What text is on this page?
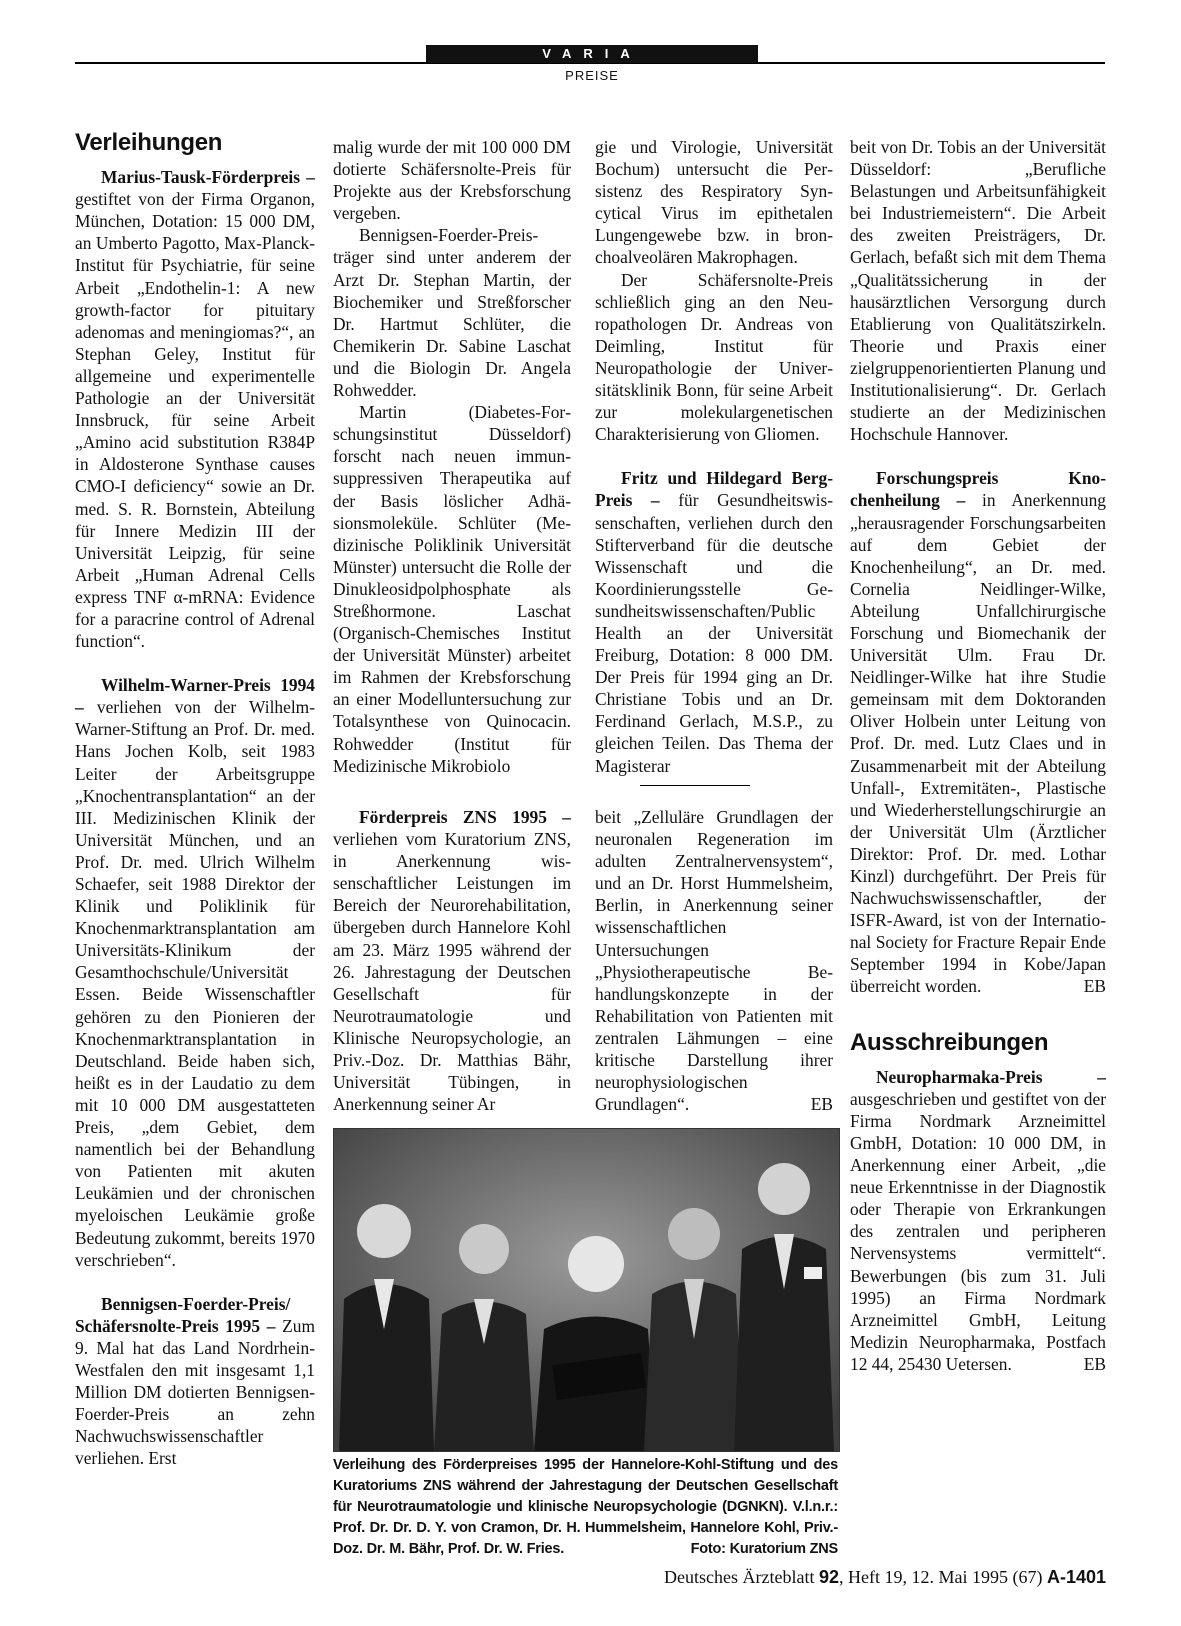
VARIA
PREISE
Verleihungen

Marius-Tausk-Förderpreis – gestiftet von der Firma Organon, München, Dotation: 15 000 DM, an Umberto Pagotto, Max-Planck-Institut für Psychiatrie, für seine Arbeit „Endothelin-1: A new growth-factor for pituitary adenomas and meningiomas?“, an Stephan Geley, Institut für allgemeine und experimentelle Pathologie an der Universität Innsbruck, für seine Arbeit „Amino acid substitution R384P in Aldosterone Synthase causes CMO-I deficiency“ sowie an Dr. med. S. R. Bornstein, Abteilung für Innere Medizin III der Universität Leipzig, für seine Arbeit „Human Adrenal Cells express TNF α-mRNA: Evidence for a paracrine control of Adrenal function“.

Wilhelm-Warner-Preis 1994 – verliehen von der Wilhelm-Warner-Stiftung an Prof. Dr. med. Hans Jochen Kolb, seit 1983 Leiter der Arbeitsgruppe „Knochentransplantation“ an der III. Medizinischen Klinik der Universität München, und an Prof. Dr. med. Ulrich Wilhelm Schaefer, seit 1988 Direktor der Klinik und Poliklinik für Knochenmarktransplantation am Universitäts-Klinikum der Gesamthochschule/Universität Essen. Beide Wissenschaftler gehören zu den Pionieren der Knochenmarktransplantation in Deutschland. Beide haben sich, heißt es in der Laudatio zu dem mit 10 000 DM ausgestatteten Preis, „dem Gebiet, dem namentlich bei der Behandlung von Patienten mit akuten Leukämien und der chronischen myeloischen Leukämie große Bedeutung zukommt, bereits 1970 verschrieben“.

Bennigsen-Foerder-Preis/ Schäfersnolte-Preis 1995 – Zum 9. Mal hat das Land Nordrhein-Westfalen den mit insgesamt 1,1 Million DM dotierten Bennigsen-Foerder-Preis an zehn Nachwuchswissenschaftler verliehen. Erst

malig wurde der mit 100 000 DM dotierte Schäfersnolte-Preis für Projekte aus der Krebsforschung vergeben.

Bennigsen-Foerder-Preisträger sind unter anderem der Arzt Dr. Stephan Martin, der Biochemiker und Streßforscher Dr. Hartmut Schlüter, die Chemikerin Dr. Sabine Laschat und die Biologin Dr. Angela Rohwedder.

Martin (Diabetes-Forschungsinstitut Düsseldorf) forscht nach neuen immunsuppressiven Therapeutika auf der Basis löslicher Adhäsionsmoleküle. Schlüter (Medizinische Poliklinik Universität Münster) untersucht die Rolle der Dinukleosidpolphosphate als Streßhormone. Laschat (Organisch-Chemisches Institut der Universität Münster) arbeitet im Rahmen der Krebsforschung an einer Modelluntersuchung zur Totalsynthese von Quinocacin. Rohwedder (Institut für Medizinische Mikrobiolo

gie und Virologie, Universität Bochum) untersucht die Persistenz des Respiratory Syncytical Virus im epithetalen Lungengewebe bzw. in bronchoalveolären Makrophagen.

Der Schäfersnolte-Preis schließlich ging an den Neuropathologen Dr. Andreas von Deimling, Institut für Neuropathologie der Universitätsklinik Bonn, für seine Arbeit zur molekulargenetischen Charakterisierung von Gliomen.

Fritz und Hildegard Berg-Preis – für Gesundheitswissenschaften, verliehen durch den Stifterverband für die deutsche Wissenschaft und die Koordinierungsstelle Gesundheitswissenschaften/Public Health an der Universität Freiburg, Dotation: 8 000 DM. Der Preis für 1994 ging an Dr. Christiane Tobis und an Dr. Ferdinand Gerlach, M.S.P., zu gleichen Teilen. Das Thema der Magisterar

Förderpreis ZNS 1995 – verliehen vom Kuratorium ZNS, in Anerkennung wissenschaftlicher Leistungen im Bereich der Neurorehabilitation, übergeben durch Hannelore Kohl am 23. März 1995 während der 26. Jahrestagung der Deutschen Gesellschaft für Neurotraumatologie und Klinische Neuropsychologie, an Priv.-Doz. Dr. Matthias Bähr, Universität Tübingen, in Anerkennung seiner Ar

beit „Zelluläre Grundlagen der neuronalen Regeneration im adulten Zentralnervensystem“, und an Dr. Horst Hummelsheim, Berlin, in Anerkennung seiner wissenschaftlichen Untersuchungen „Physiotherapeutische Behandlungskonzepte in der Rehabilitation von Patienten mit zentralen Lähmungen – eine kritische Darstellung ihrer neurophysiologischen Grundlagen“.	EB

beit von Dr. Tobis an der Universität Düsseldorf: „Berufliche Belastungen und Arbeitsunfähigkeit bei Industriemeistern“. Die Arbeit des zweiten Preisträgers, Dr. Gerlach, befaßt sich mit dem Thema „Qualitätssicherung in der hausärztlichen Versorgung durch Etablierung von Qualitätszirkeln. Theorie und Praxis einer zielgruppenorientierten Planung und Institutionalisierung“. Dr. Gerlach studierte an der Medizinischen Hochschule Hannover.

Forschungspreis Knochenheilung – in Anerkennung „herausragender Forschungsarbeiten auf dem Gebiet der Knochenheilung“, an Dr. med. Cornelia Neidlinger-Wilke, Abteilung Unfallchirurgische Forschung und Biomechanik der Universität Ulm. Frau Dr. Neidlinger-Wilke hat ihre Studie gemeinsam mit dem Doktoranden Oliver Holbein unter Leitung von Prof. Dr. med. Lutz Claes und in Zusammenarbeit mit der Abteilung Unfall-, Extremitäten-, Plastische und Wiederherstellungschirurgie an der Universität Ulm (Ärztlicher Direktor: Prof. Dr. med. Lothar Kinzl) durchgeführt. Der Preis für Nachwuchswissenschaftler, der ISFR-Award, ist von der International Society for Fracture Repair Ende September 1994 in Kobe/Japan überreicht worden.	EB

Ausschreibungen

Neuropharmaka-Preis – ausgeschrieben und gestiftet von der Firma Nordmark Arzneimittel GmbH, Dotation: 10 000 DM, in Anerkennung einer Arbeit, „die neue Erkenntnisse in der Diagnostik oder Therapie von Erkrankungen des zentralen und peripheren Nervensystems vermittelt“. Bewerbungen (bis zum 31. Juli 1995) an Firma Nordmark Arzneimittel GmbH, Leitung Medizin Neuropharmaka, Postfach 12 44, 25430 Uetersen.	EB

Verleihung des Förderpreises 1995 der Hannelore-Kohl-Stiftung und des Kuratoriums ZNS während der Jahrestagung der Deutschen Gesellschaft für Neurotraumatologie und klinische Neuropsychologie (DGNKN). V.l.n.r.: Prof. Dr. Dr. D. Y. von Cramon, Dr. H. Hummelsheim, Hannelore Kohl, Priv.-Doz. Dr. M. Bähr, Prof. Dr. W. Fries.	Foto: Kuratorium ZNS
Deutsches Ärzteblatt 92, Heft 19, 12. Mai 1995 (67) A-1401
